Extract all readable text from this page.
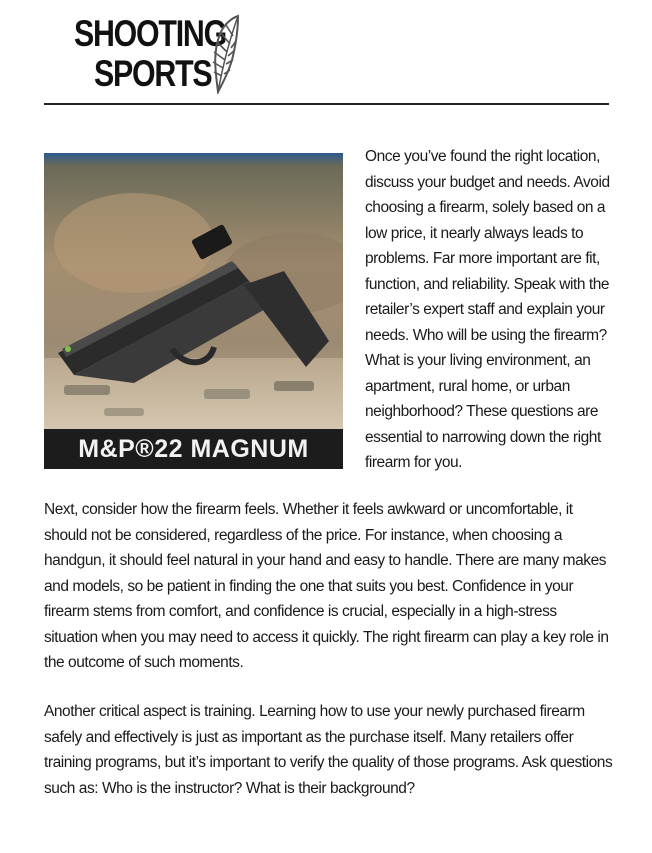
SHOOTING
SPORTS
M&P®22 MAGNUM

Once you’ve found the right location, discuss your budget and needs. Avoid choosing a firearm, solely based on a low price, it nearly always leads to problems. Far more important are fit, function, and reliability. Speak with the retailer’s expert staff and explain your needs. Who will be using the firearm? What is your living environment, an apartment, rural home, or urban neighborhood? These questions are essential to narrowing down the right firearm for you.

Next, consider how the firearm feels. Whether it feels awkward or uncomfortable, it should not be considered, regardless of the price. For instance, when choosing a handgun, it should feel natural in your hand and easy to handle. There are many makes and models, so be patient in finding the one that suits you best. Confidence in your firearm stems from comfort, and confidence is crucial, especially in a high-stress situation when you may need to access it quickly. The right firearm can play a key role in the outcome of such moments.

Another critical aspect is training. Learning how to use your newly purchased firearm safely and effectively is just as important as the purchase itself. Many retailers offer training programs, but it’s important to verify the quality of those programs. Ask questions such as: Who is the instructor? What is their background?
